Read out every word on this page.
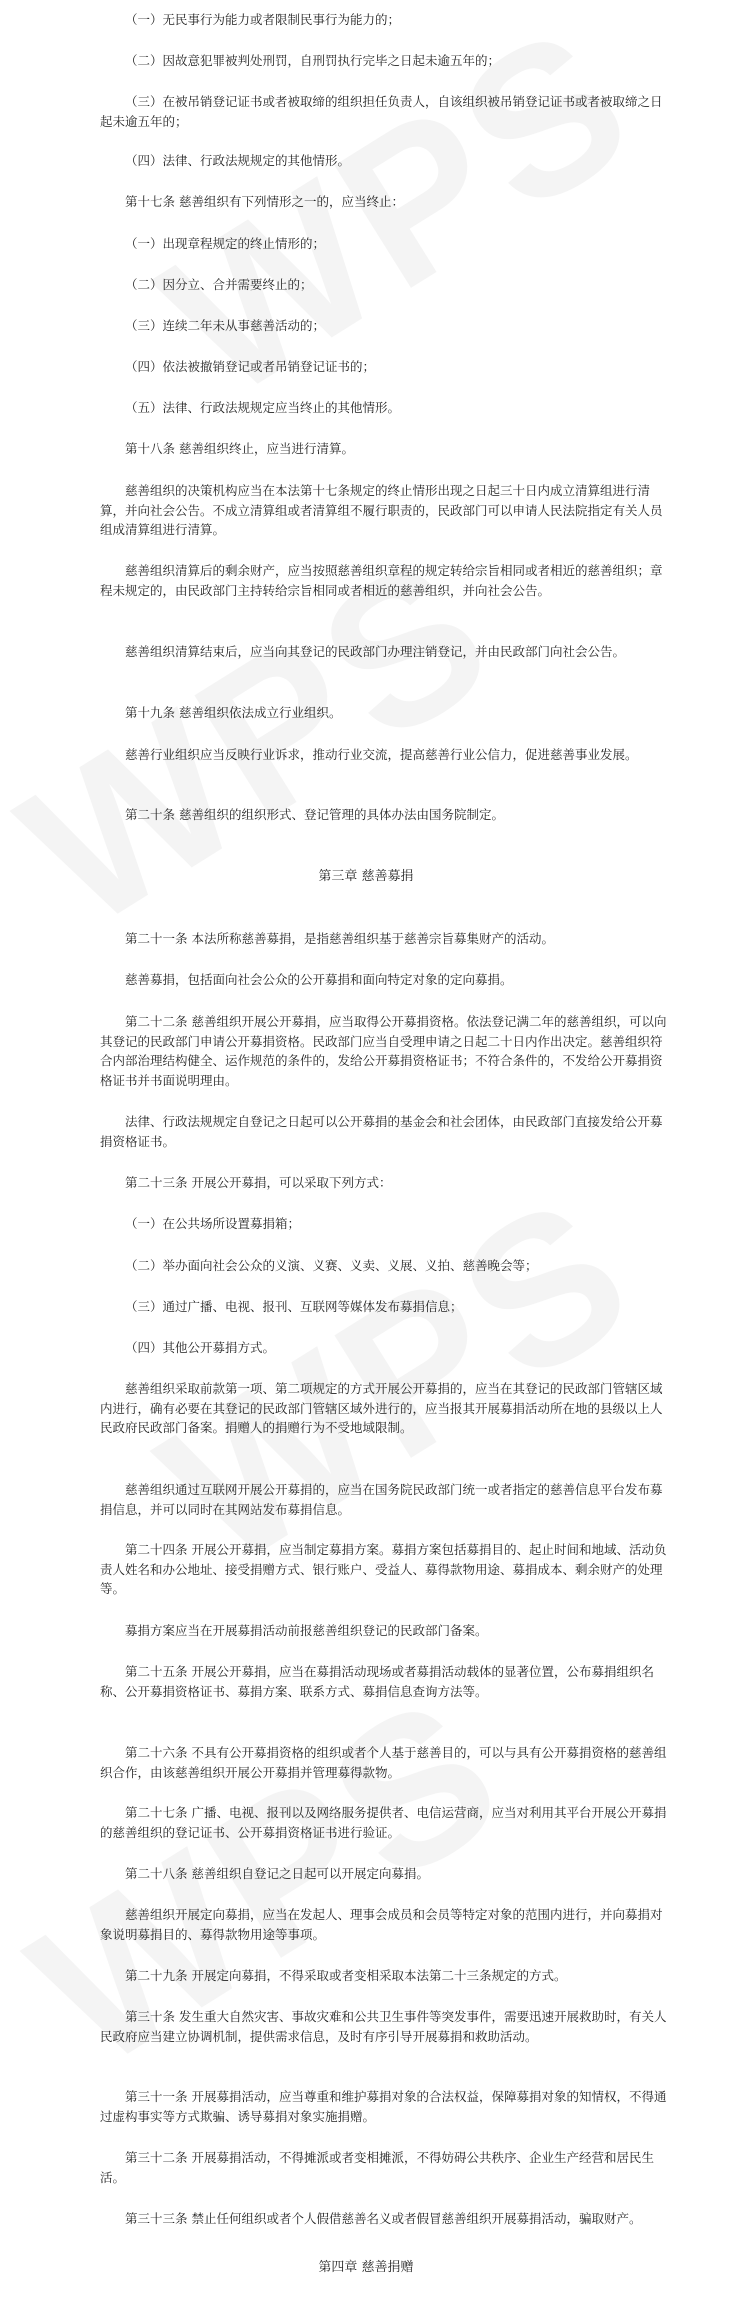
（一）无民事行为能力或者限制民事行为能力的；

（二）因故意犯罪被判处刑罚，自刑罚执行完毕之日起未逾五年的；

（三）在被吊销登记证书或者被取缔的组织担任负责人，自该组织被吊销登记证书或者被取缔之日起未逾五年的；

（四）法律、行政法规规定的其他情形。

第十七条 慈善组织有下列情形之一的，应当终止：

（一）出现章程规定的终止情形的；

（二）因分立、合并需要终止的；

（三）连续二年未从事慈善活动的；

（四）依法被撤销登记或者吊销登记证书的；

（五）法律、行政法规规定应当终止的其他情形。

第十八条 慈善组织终止，应当进行清算。

慈善组织的决策机构应当在本法第十七条规定的终止情形出现之日起三十日内成立清算组进行清算，并向社会公告。不成立清算组或者清算组不履行职责的，民政部门可以申请人民法院指定有关人员组成清算组进行清算。

慈善组织清算后的剩余财产，应当按照慈善组织章程的规定转给宗旨相同或者相近的慈善组织；章程未规定的，由民政部门主持转给宗旨相同或者相近的慈善组织，并向社会公告。

慈善组织清算结束后，应当向其登记的民政部门办理注销登记，并由民政部门向社会公告。

第十九条 慈善组织依法成立行业组织。

慈善行业组织应当反映行业诉求，推动行业交流，提高慈善行业公信力，促进慈善事业发展。

第二十条 慈善组织的组织形式、登记管理的具体办法由国务院制定。

第三章 慈善募捐

第二十一条 本法所称慈善募捐，是指慈善组织基于慈善宗旨募集财产的活动。

慈善募捐，包括面向社会公众的公开募捐和面向特定对象的定向募捐。

第二十二条 慈善组织开展公开募捐，应当取得公开募捐资格。依法登记满二年的慈善组织，可以向其登记的民政部门申请公开募捐资格。民政部门应当自受理申请之日起二十日内作出决定。慈善组织符合内部治理结构健全、运作规范的条件的，发给公开募捐资格证书；不符合条件的，不发给公开募捐资格证书并书面说明理由。

法律、行政法规规定自登记之日起可以公开募捐的基金会和社会团体，由民政部门直接发给公开募捐资格证书。

第二十三条 开展公开募捐，可以采取下列方式：

（一）在公共场所设置募捐箱；

（二）举办面向社会公众的义演、义赛、义卖、义展、义拍、慈善晚会等；

（三）通过广播、电视、报刊、互联网等媒体发布募捐信息；

（四）其他公开募捐方式。

慈善组织采取前款第一项、第二项规定的方式开展公开募捐的，应当在其登记的民政部门管辖区域内进行，确有必要在其登记的民政部门管辖区域外进行的，应当报其开展募捐活动所在地的县级以上人民政府民政部门备案。捐赠人的捐赠行为不受地域限制。

慈善组织通过互联网开展公开募捐的，应当在国务院民政部门统一或者指定的慈善信息平台发布募捐信息，并可以同时在其网站发布募捐信息。

第二十四条 开展公开募捐，应当制定募捐方案。募捐方案包括募捐目的、起止时间和地域、活动负责人姓名和办公地址、接受捐赠方式、银行账户、受益人、募得款物用途、募捐成本、剩余财产的处理等。

募捐方案应当在开展募捐活动前报慈善组织登记的民政部门备案。

第二十五条 开展公开募捐，应当在募捐活动现场或者募捐活动载体的显著位置，公布募捐组织名称、公开募捐资格证书、募捐方案、联系方式、募捐信息查询方法等。

第二十六条 不具有公开募捐资格的组织或者个人基于慈善目的，可以与具有公开募捐资格的慈善组织合作，由该慈善组织开展公开募捐并管理募得款物。

第二十七条 广播、电视、报刊以及网络服务提供者、电信运营商，应当对利用其平台开展公开募捐的慈善组织的登记证书、公开募捐资格证书进行验证。

第二十八条 慈善组织自登记之日起可以开展定向募捐。

慈善组织开展定向募捐，应当在发起人、理事会成员和会员等特定对象的范围内进行，并向募捐对象说明募捐目的、募得款物用途等事项。

第二十九条 开展定向募捐，不得采取或者变相采取本法第二十三条规定的方式。

第三十条 发生重大自然灾害、事故灾难和公共卫生事件等突发事件，需要迅速开展救助时，有关人民政府应当建立协调机制，提供需求信息，及时有序引导开展募捐和救助活动。

第三十一条 开展募捐活动，应当尊重和维护募捐对象的合法权益，保障募捐对象的知情权，不得通过虚构事实等方式欺骗、诱导募捐对象实施捐赠。

第三十二条 开展募捐活动，不得摊派或者变相摊派，不得妨碍公共秩序、企业生产经营和居民生活。

第三十三条 禁止任何组织或者个人假借慈善名义或者假冒慈善组织开展募捐活动，骗取财产。

第四章 慈善捐赠
